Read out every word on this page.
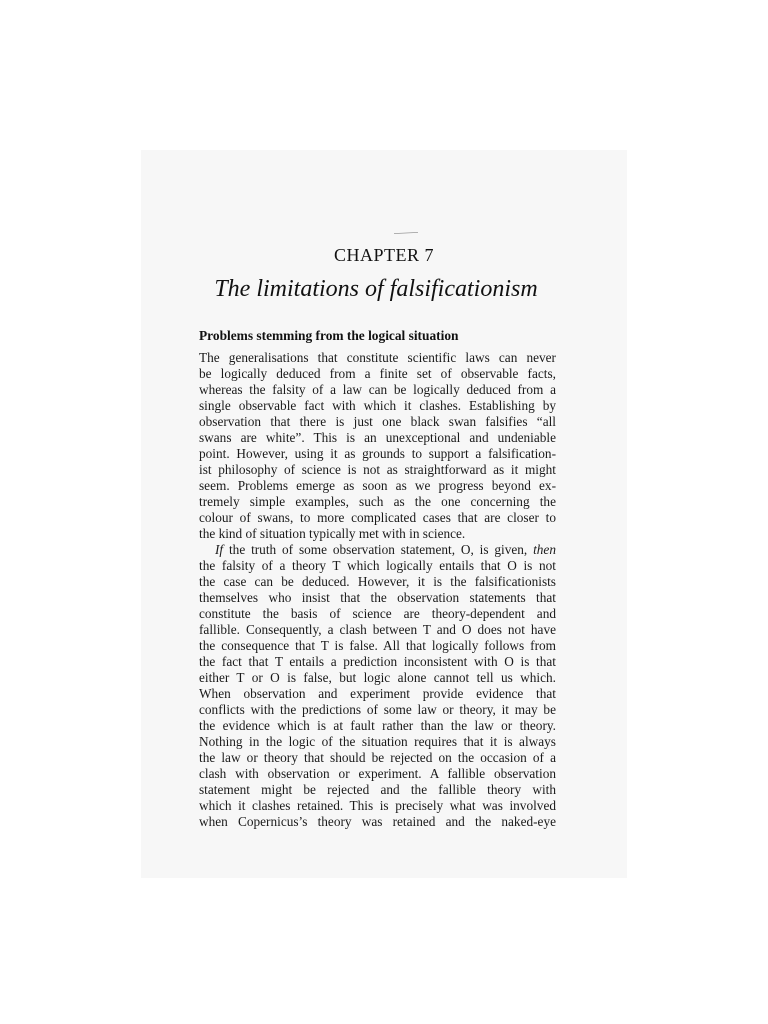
CHAPTER 7
The limitations of falsificationism
Problems stemming from the logical situation
The generalisations that constitute scientific laws can never
be logically deduced from a finite set of observable facts,
whereas the falsity of a law can be logically deduced from a
single observable fact with which it clashes. Establishing by
observation that there is just one black swan falsifies “all
swans are white”. This is an unexceptional and undeniable
point. However, using it as grounds to support a falsification-
ist philosophy of science is not as straightforward as it might
seem. Problems emerge as soon as we progress beyond ex-
tremely simple examples, such as the one concerning the
colour of swans, to more complicated cases that are closer to
the kind of situation typically met with in science.
If the truth of some observation statement, O, is given, then
the falsity of a theory T which logically entails that O is not
the case can be deduced. However, it is the falsificationists
themselves who insist that the observation statements that
constitute the basis of science are theory-dependent and
fallible. Consequently, a clash between T and O does not have
the consequence that T is false. All that logically follows from
the fact that T entails a prediction inconsistent with O is that
either T or O is false, but logic alone cannot tell us which.
When observation and experiment provide evidence that
conflicts with the predictions of some law or theory, it may be
the evidence which is at fault rather than the law or theory.
Nothing in the logic of the situation requires that it is always
the law or theory that should be rejected on the occasion of a
clash with observation or experiment. A fallible observation
statement might be rejected and the fallible theory with
which it clashes retained. This is precisely what was involved
when Copernicus’s theory was retained and the naked-eye
